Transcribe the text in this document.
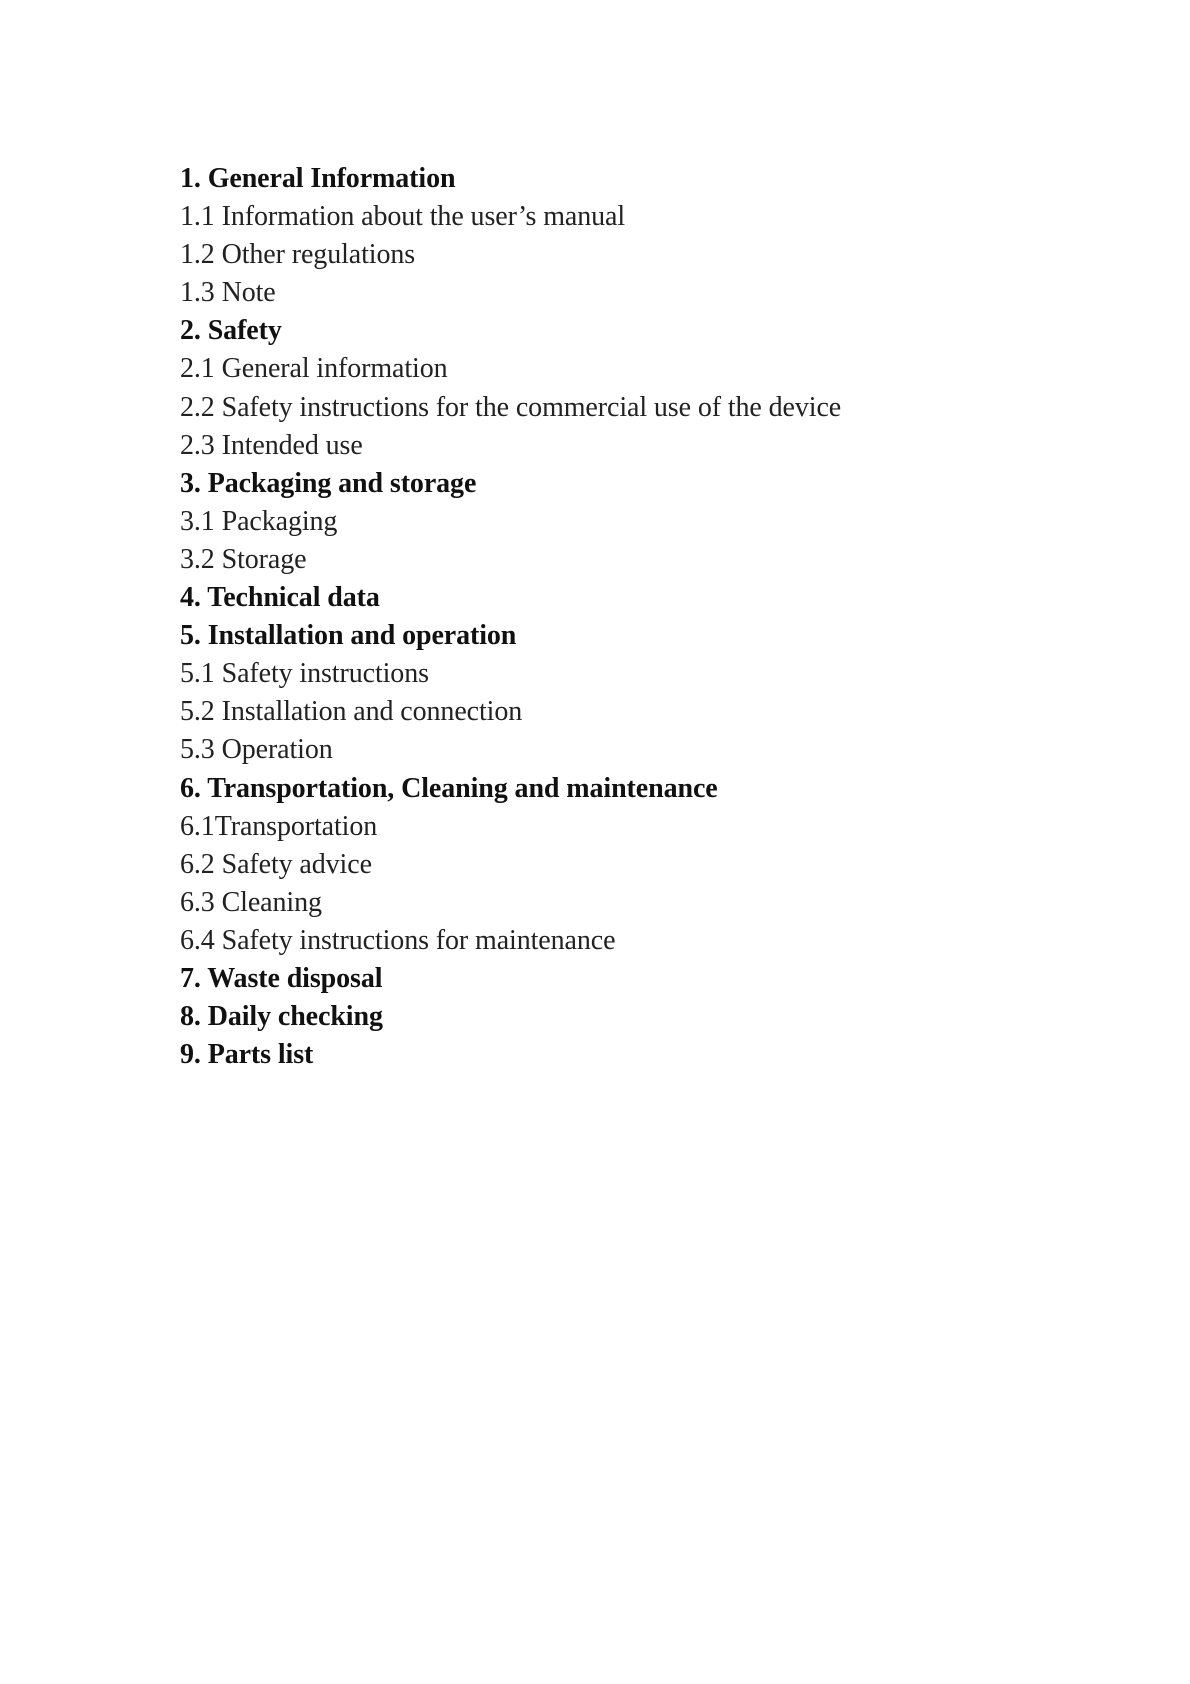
1. General Information
1.1 Information about the user’s manual
1.2 Other regulations
1.3 Note
2. Safety
2.1 General information
2.2 Safety instructions for the commercial use of the device
2.3 Intended use
3. Packaging and storage
3.1 Packaging
3.2 Storage
4. Technical data
5. Installation and operation
5.1 Safety instructions
5.2 Installation and connection
5.3 Operation
6. Transportation, Cleaning and maintenance
6.1Transportation
6.2 Safety advice
6.3 Cleaning
6.4 Safety instructions for maintenance
7. Waste disposal
8. Daily checking
9. Parts list
